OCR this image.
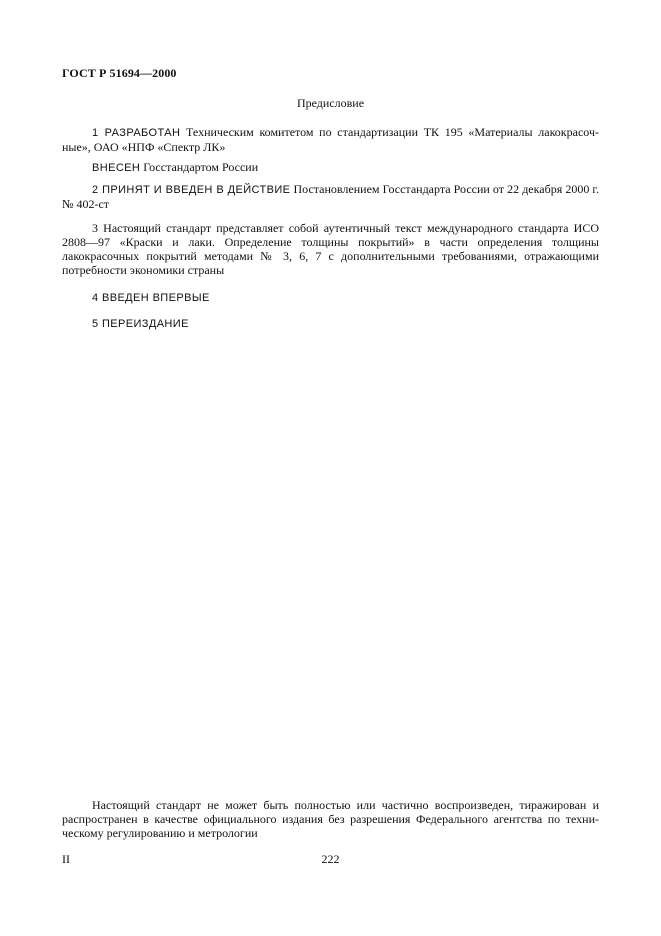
ГОСТ Р 51694—2000
Предисловие
1 РАЗРАБОТАН Техническим комитетом по стандартизации ТК 195 «Материалы лакокрасоч-ные», ОАО «НПФ «Спектр ЛК»
ВНЕСЕН Госстандартом России
2 ПРИНЯТ И ВВЕДЕН В ДЕЙСТВИЕ Постановлением Госстандарта России от 22 декабря 2000 г. № 402-ст
3 Настоящий стандарт представляет собой аутентичный текст международного стандарта ИСО 2808—97 «Краски и лаки. Определение толщины покрытий» в части определения толщины лакокрасочных покрытий методами № 3, 6, 7 с дополнительными требованиями, отражающими потребности экономики страны
4 ВВЕДЕН ВПЕРВЫЕ
5 ПЕРЕИЗДАНИЕ
Настоящий стандарт не может быть полностью или частично воспроизведен, тиражирован и распространен в качестве официального издания без разрешения Федерального агентства по техни-ческому регулированию и метрологии
II	222
